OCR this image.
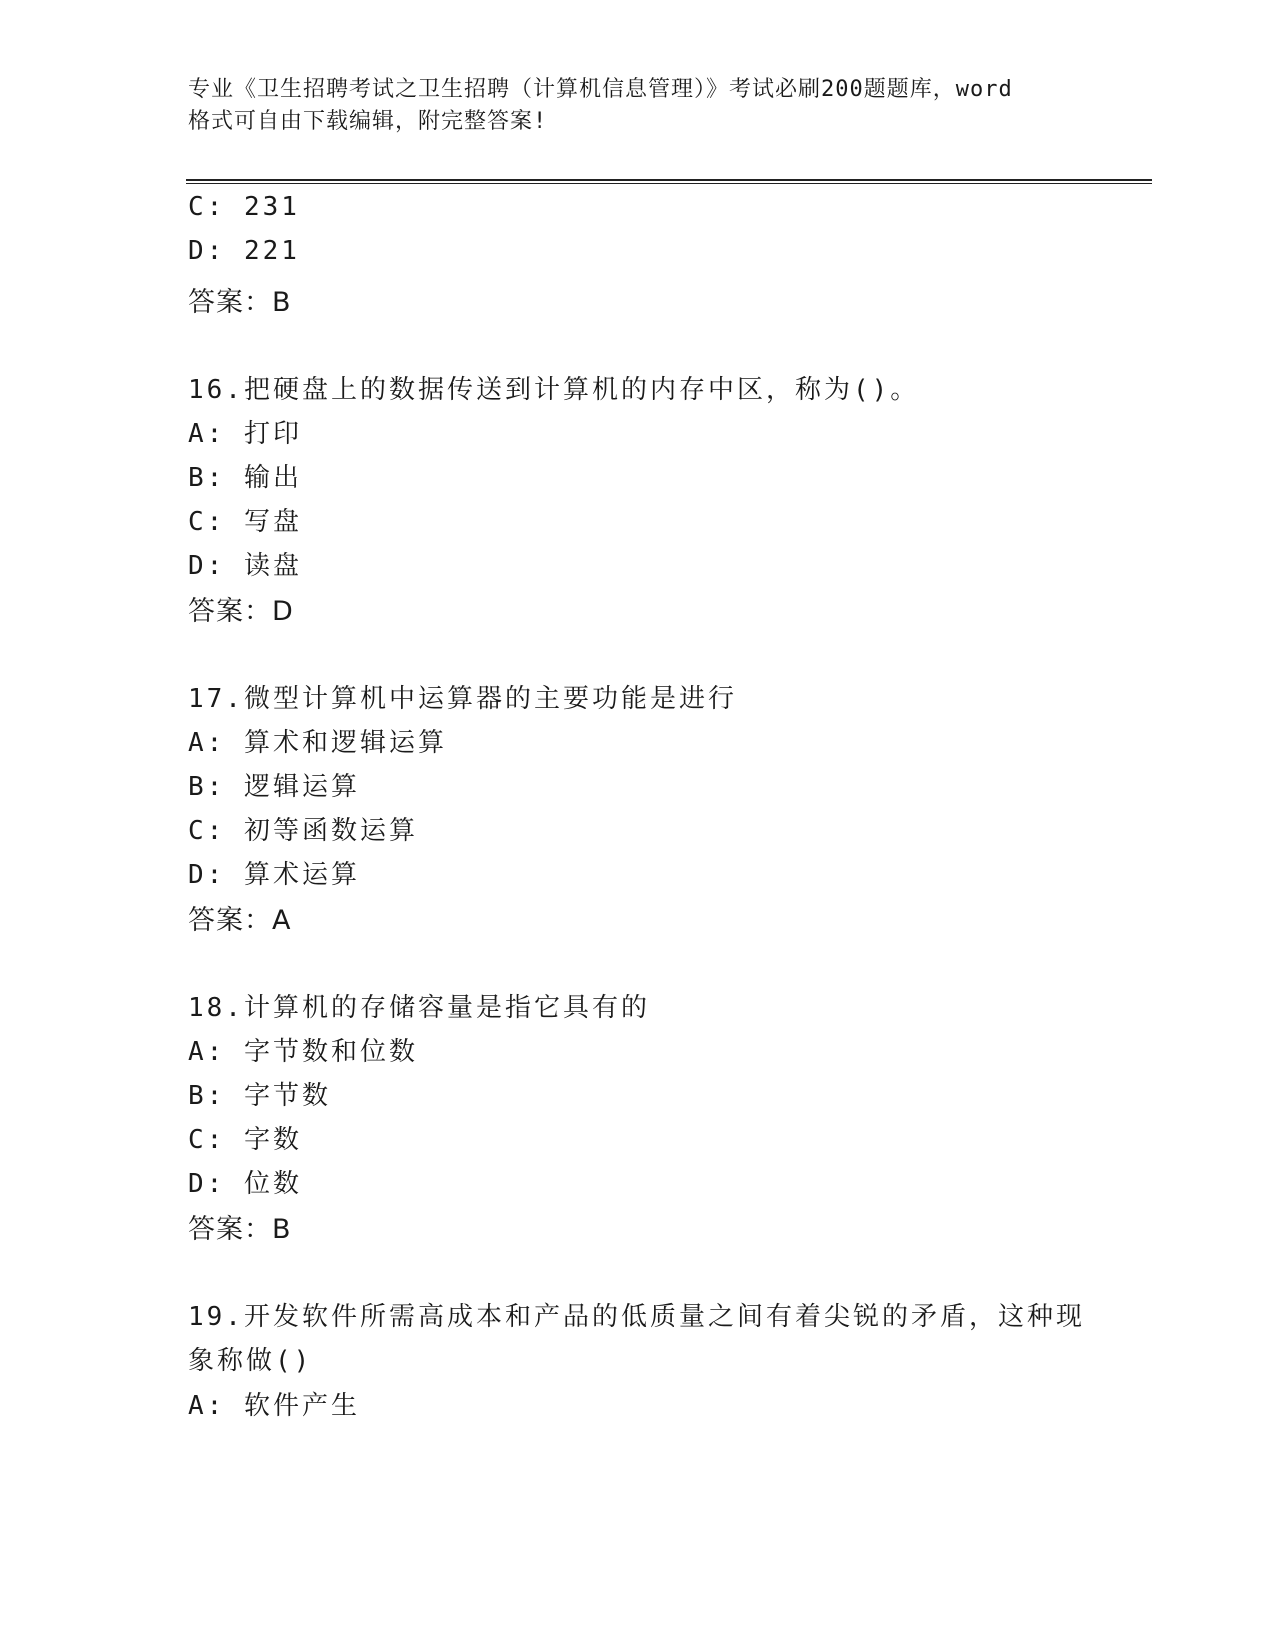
专业《卫生招聘考试之卫生招聘（计算机信息管理）》考试必刷200题题库，word
格式可自由下载编辑，附完整答案!
C: 231
D: 221
答案：B
16.把硬盘上的数据传送到计算机的内存中区，称为()。
A: 打印
B: 输出
C: 写盘
D: 读盘
答案：D
17.微型计算机中运算器的主要功能是进行
A: 算术和逻辑运算
B: 逻辑运算
C: 初等函数运算
D: 算术运算
答案：A
18.计算机的存储容量是指它具有的
A: 字节数和位数
B: 字节数
C: 字数
D: 位数
答案：B
19.开发软件所需高成本和产品的低质量之间有着尖锐的矛盾，这种现
象称做()
A: 软件产生
